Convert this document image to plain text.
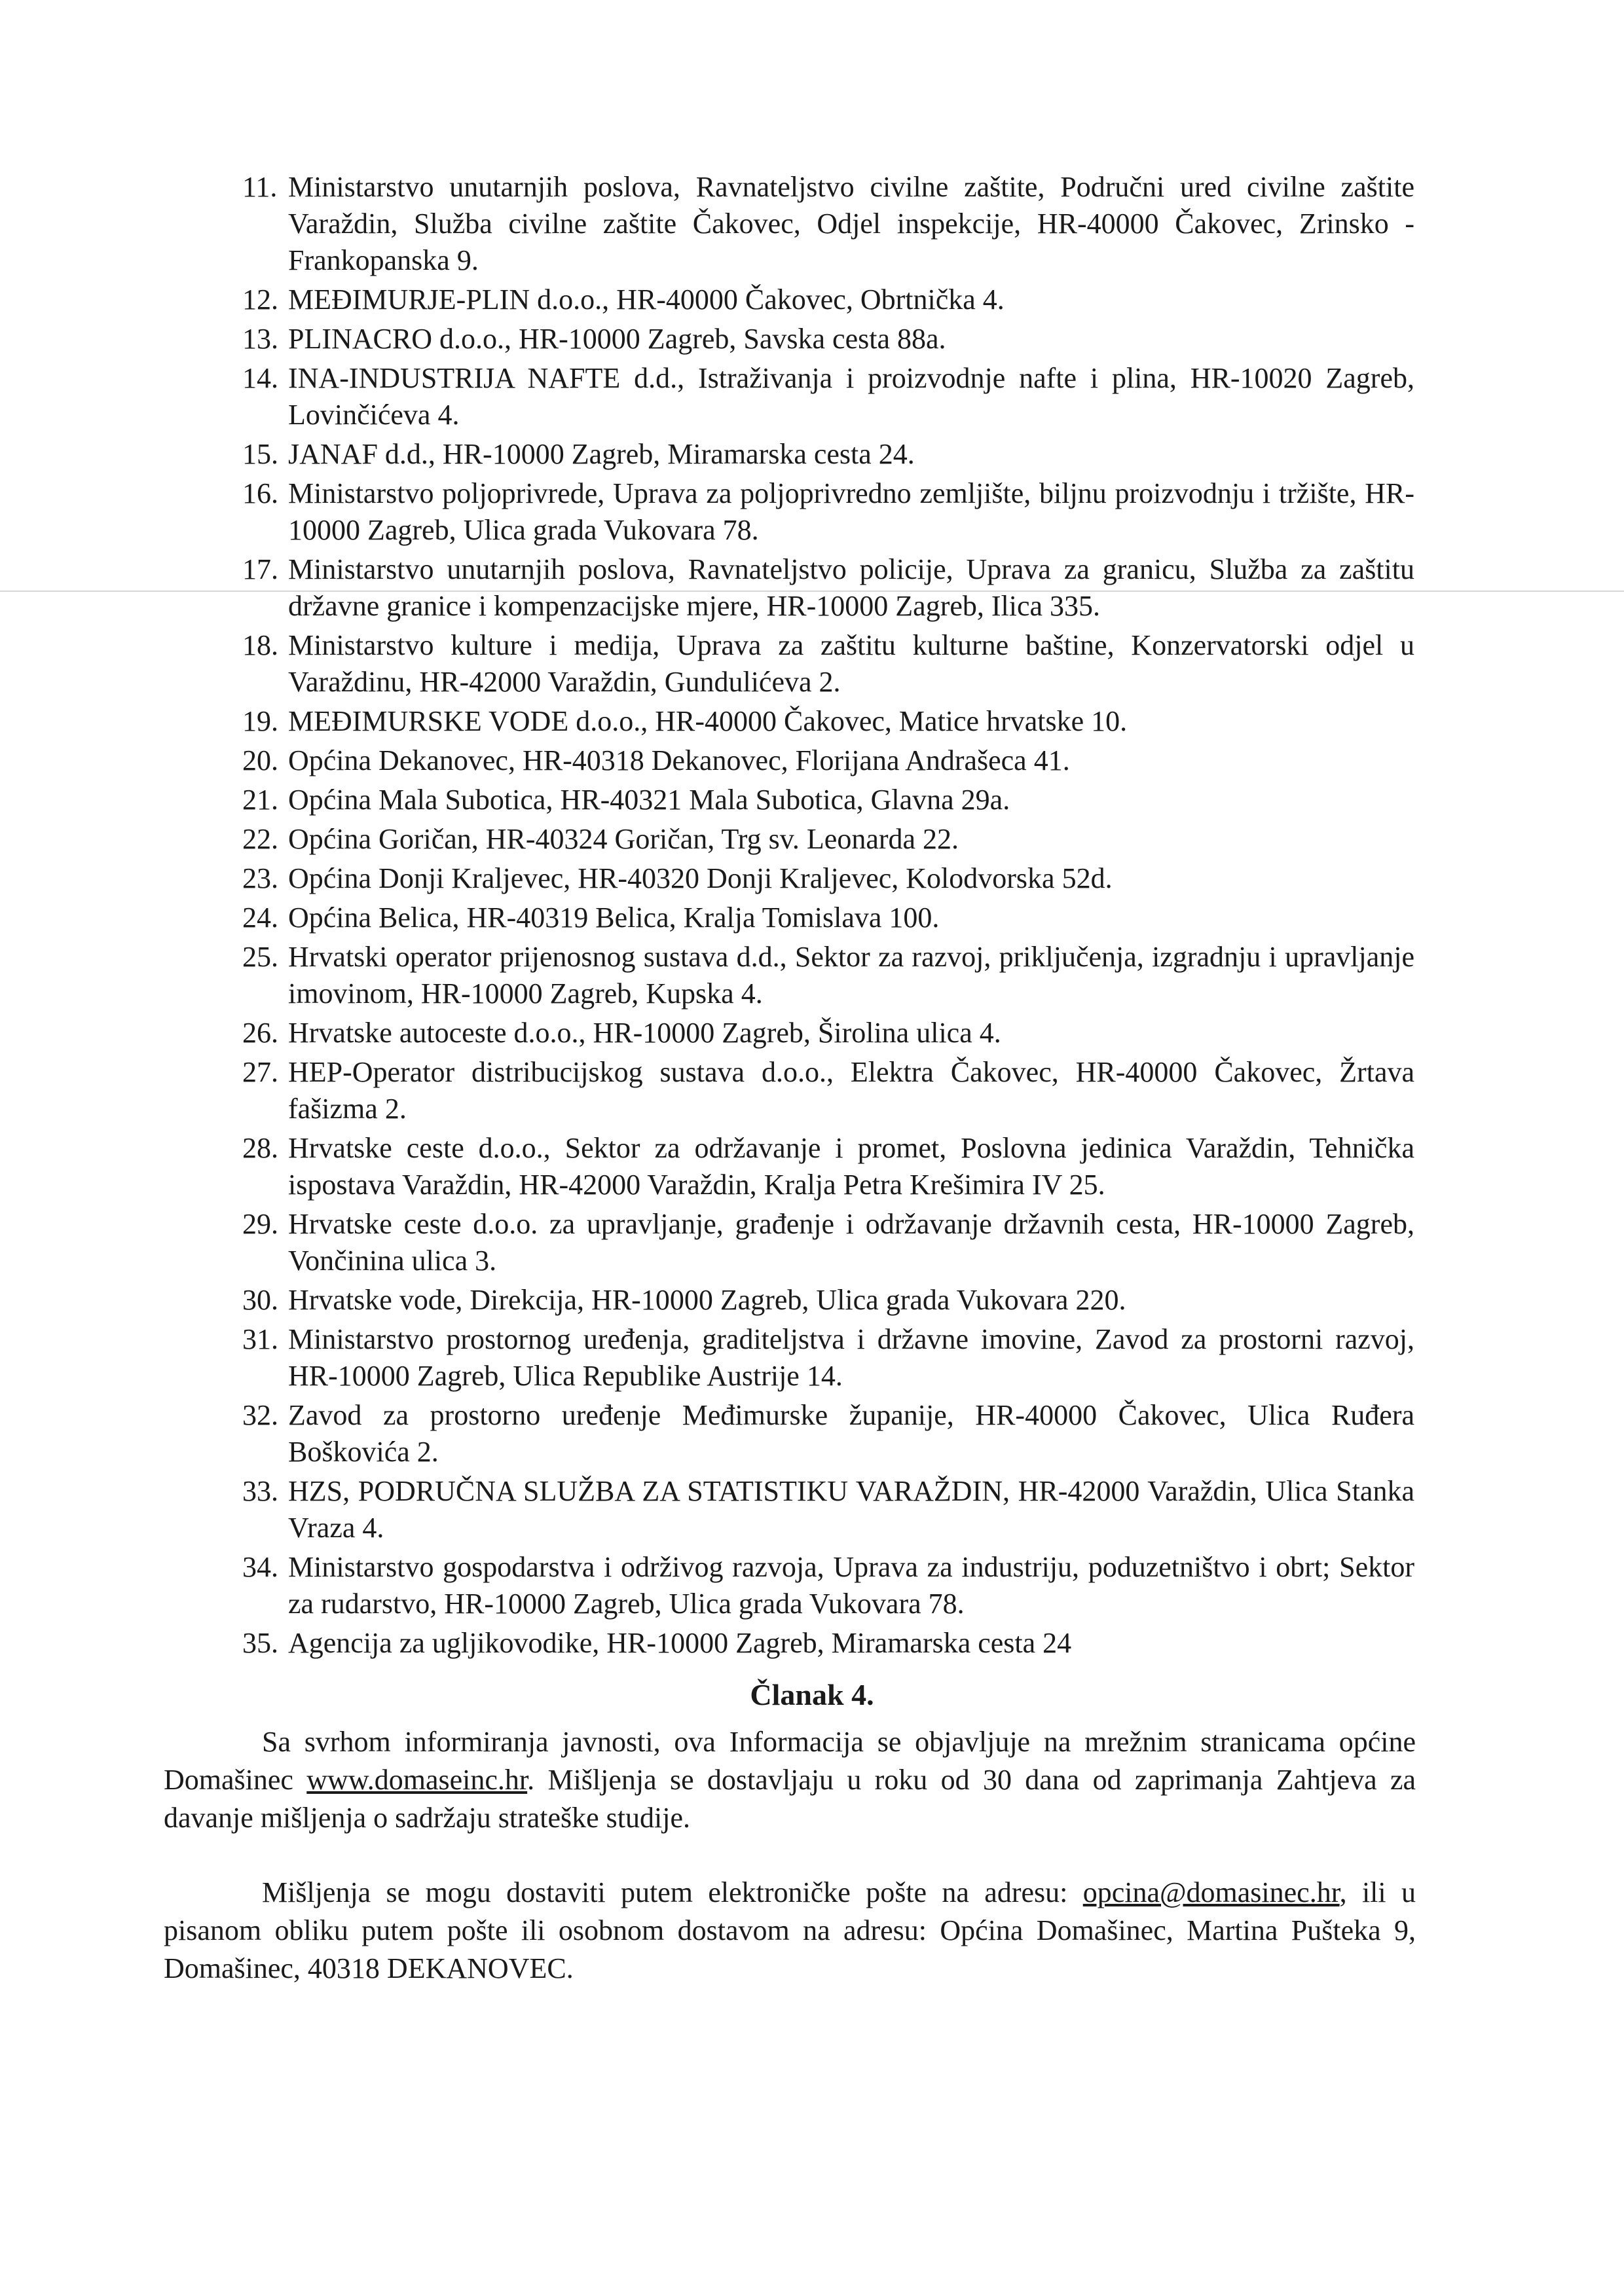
11. Ministarstvo unutarnjih poslova, Ravnateljstvo civilne zaštite, Područni ured civilne zaštite Varaždin, Služba civilne zaštite Čakovec, Odjel inspekcije, HR-40000 Čakovec, Zrinsko - Frankopanska 9.
12. MEĐIMURJE-PLIN d.o.o., HR-40000 Čakovec, Obrtnička 4.
13. PLINACRO d.o.o., HR-10000 Zagreb, Savska cesta 88a.
14. INA-INDUSTRIJA NAFTE d.d., Istraživanja i proizvodnje nafte i plina, HR-10020 Zagreb, Lovinčićeva 4.
15. JANAF d.d., HR-10000 Zagreb, Miramarska cesta 24.
16. Ministarstvo poljoprivrede, Uprava za poljoprivredno zemljište, biljnu proizvodnju i tržište, HR-10000 Zagreb, Ulica grada Vukovara 78.
17. Ministarstvo unutarnjih poslova, Ravnateljstvo policije, Uprava za granicu, Služba za zaštitu državne granice i kompenzacijske mjere, HR-10000 Zagreb, Ilica 335.
18. Ministarstvo kulture i medija, Uprava za zaštitu kulturne baštine, Konzervatorski odjel u Varaždinu, HR-42000 Varaždin, Gundulićeva 2.
19. MEĐIMURSKE VODE d.o.o., HR-40000 Čakovec, Matice hrvatske 10.
20. Općina Dekanovec, HR-40318 Dekanovec, Florijana Andrašeca 41.
21. Općina Mala Subotica, HR-40321 Mala Subotica, Glavna 29a.
22. Općina Goričan, HR-40324 Goričan, Trg sv. Leonarda 22.
23. Općina Donji Kraljevec, HR-40320 Donji Kraljevec, Kolodvorska 52d.
24. Općina Belica, HR-40319 Belica, Kralja Tomislava 100.
25. Hrvatski operator prijenosnog sustava d.d., Sektor za razvoj, priključenja, izgradnju i upravljanje imovinom, HR-10000 Zagreb, Kupska 4.
26. Hrvatske autoceste d.o.o., HR-10000 Zagreb, Širolina ulica 4.
27. HEP-Operator distribucijskog sustava d.o.o., Elektra Čakovec, HR-40000 Čakovec, Žrtava fašizma 2.
28. Hrvatske ceste d.o.o., Sektor za održavanje i promet, Poslovna jedinica Varaždin, Tehnička ispostava Varaždin, HR-42000 Varaždin, Kralja Petra Krešimira IV 25.
29. Hrvatske ceste d.o.o. za upravljanje, građenje i održavanje državnih cesta, HR-10000 Zagreb, Vončinina ulica 3.
30. Hrvatske vode, Direkcija, HR-10000 Zagreb, Ulica grada Vukovara 220.
31. Ministarstvo prostornog uređenja, graditeljstva i državne imovine, Zavod za prostorni razvoj, HR-10000 Zagreb, Ulica Republike Austrije 14.
32. Zavod za prostorno uređenje Međimurske županije, HR-40000 Čakovec, Ulica Ruđera Boškovića 2.
33. HZS, PODRUČNA SLUŽBA ZA STATISTIKU VARAŽDIN, HR-42000 Varaždin, Ulica Stanka Vraza 4.
34. Ministarstvo gospodarstva i održivog razvoja, Uprava za industriju, poduzetništvo i obrt; Sektor za rudarstvo, HR-10000 Zagreb, Ulica grada Vukovara 78.
35. Agencija za ugljikovodike, HR-10000 Zagreb, Miramarska cesta 24
Članak 4.

Sa svrhom informiranja javnosti, ova Informacija se objavljuje na mrežnim stranicama općine Domašinec www.domaseinc.hr. Mišljenja se dostavljaju u roku od 30 dana od zaprimanja Zahtjeva za davanje mišljenja o sadržaju strateške studije.

Mišljenja se mogu dostaviti putem elektroničke pošte na adresu: opcina@domasinec.hr, ili u pisanom obliku putem pošte ili osobnom dostavom na adresu: Općina Domašinec, Martina Pušteka 9, Domašinec, 40318 DEKANOVEC.
